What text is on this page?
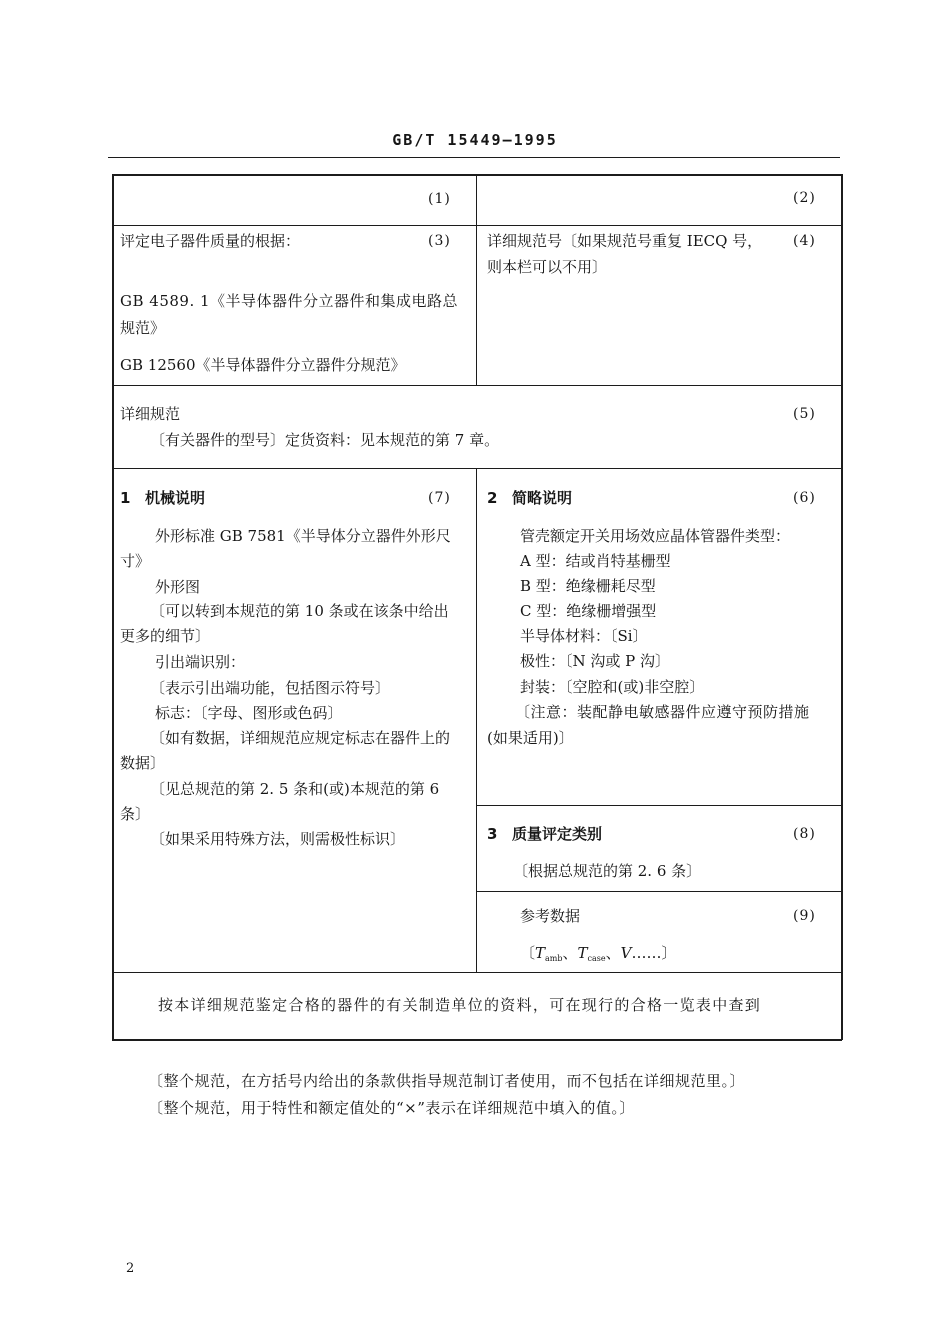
GB/T 15449—1995
(1)	(2)
评定电子器件质量的根据：	(3)
GB 4589. 1《半导体器件分立器件和集成电路总
规范》
GB 12560《半导体器件分立器件分规范》
详细规范号〔如果规范号重复 IECQ 号， (4)
则本栏可以不用〕
详细规范	(5)
〔有关器件的型号〕定货资料：见本规范的第 7 章。
1 机械说明	(7)
外形标准 GB 7581《半导体分立器件外形尺
寸》
外形图
〔可以转到本规范的第 10 条或在该条中给出
更多的细节〕
引出端识别：
〔表示引出端功能，包括图示符号〕
标志：〔字母、图形或色码〕
〔如有数据，详细规范应规定标志在器件上的
数据〕
〔见总规范的第 2. 5 条和(或)本规范的第 6
条〕
〔如果采用特殊方法，则需极性标识〕
2 简略说明	(6)
管壳额定开关用场效应晶体管器件类型：
A 型：结或肖特基栅型
B 型：绝缘栅耗尽型
C 型：绝缘栅增强型
半导体材料：〔Si〕
极性：〔N 沟或 P 沟〕
封装：〔空腔和(或)非空腔〕
〔注意：装配静电敏感器件应遵守预防措施
(如果适用)〕
3 质量评定类别	(8)
〔根据总规范的第 2. 6 条〕
参考数据	(9)
〔$T_{amb}$、$T_{case}$、V……〕
按本详细规范鉴定合格的器件的有关制造单位的资料，可在现行的合格一览表中查到
〔整个规范，在方括号内给出的条款供指导规范制订者使用，而不包括在详细规范里。〕
〔整个规范，用于特性和额定值处的“×”表示在详细规范中填入的值。〕
2
